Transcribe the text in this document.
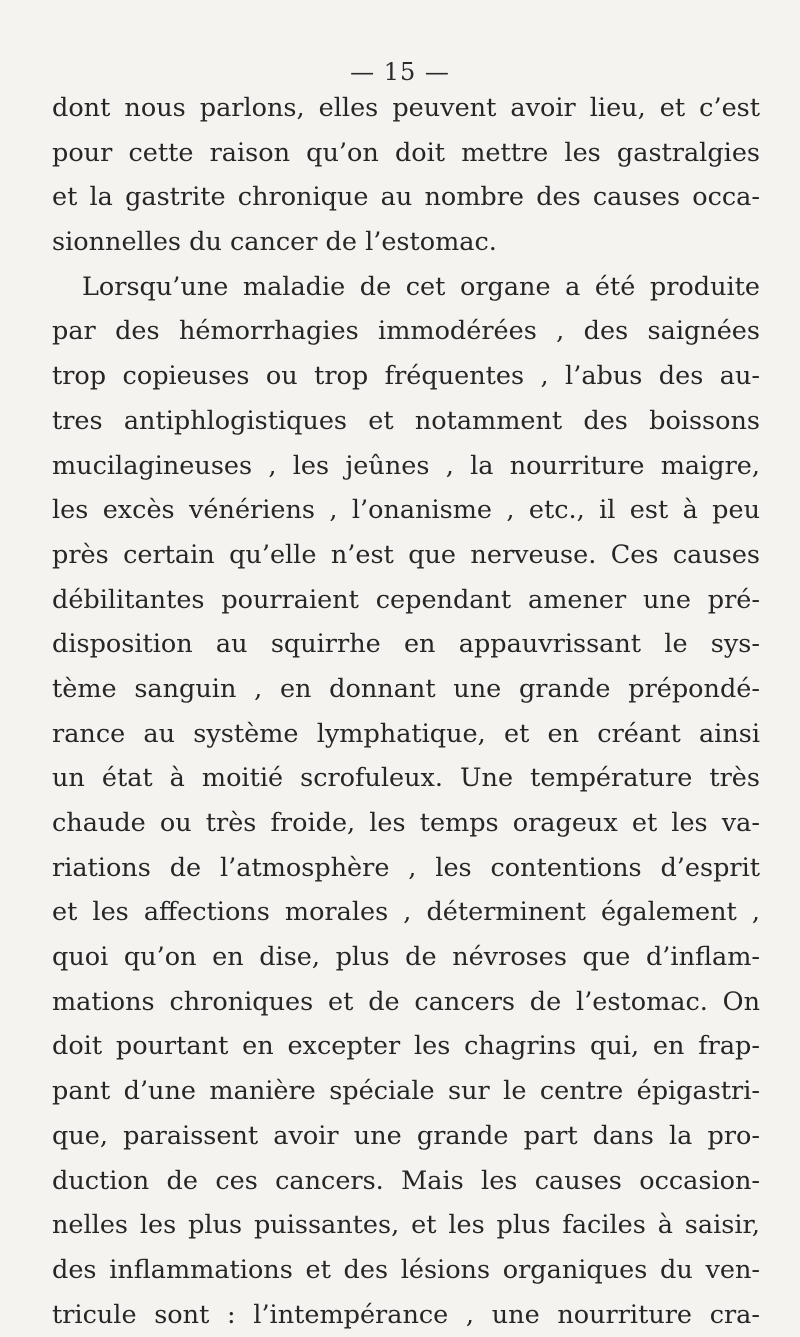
— 15 —
dont nous parlons, elles peuvent avoir lieu, et c’est
pour cette raison qu’on doit mettre les gastralgies
et la gastrite chronique au nombre des causes occa-
sionnelles du cancer de l’estomac.
Lorsqu’une maladie de cet organe a été produite
par des hémorrhagies immodérées , des saignées
trop copieuses ou trop fréquentes , l’abus des au-
tres antiphlogistiques et notamment des boissons
mucilagineuses , les jeûnes , la nourriture maigre,
les excès vénériens , l’onanisme , etc., il est à peu
près certain qu’elle n’est que nerveuse. Ces causes
débilitantes pourraient cependant amener une pré-
disposition au squirrhe en appauvrissant le sys-
tème sanguin , en donnant une grande prépondé-
rance au système lymphatique, et en créant ainsi
un état à moitié scrofuleux. Une température très
chaude ou très froide, les temps orageux et les va-
riations de l’atmosphère , les contentions d’esprit
et les affections morales , déterminent également ,
quoi qu’on en dise, plus de névroses que d’inflam-
mations chroniques et de cancers de l’estomac. On
doit pourtant en excepter les chagrins qui, en frap-
pant d’une manière spéciale sur le centre épigastri-
que, paraissent avoir une grande part dans la pro-
duction de ces cancers. Mais les causes occasion-
nelles les plus puissantes, et les plus faciles à saisir,
des inflammations et des lésions organiques du ven-
tricule sont : l’intempérance , une nourriture cra-
